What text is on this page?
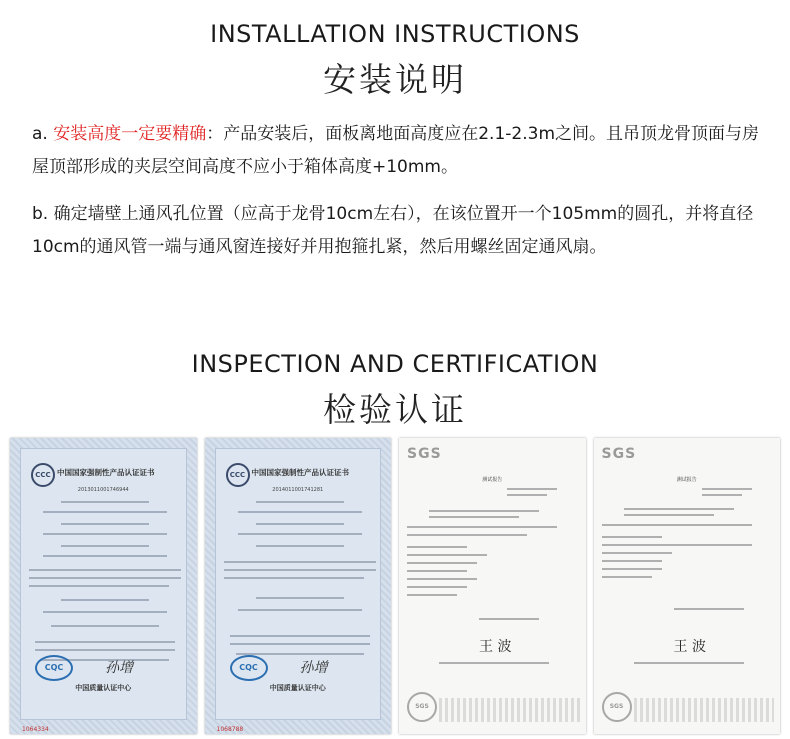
INSTALLATION INSTRUCTIONS
安装说明
a. 安装高度一定要精确：产品安装后，面板离地面高度应在2.1-2.3m之间。且吊顶龙骨顶面与房屋顶部形成的夹层空间高度不应小于箱体高度+10mm。
b. 确定墙壁上通风孔位置（应高于龙骨10cm左右），在该位置开一个105mm的圆孔，并将直径10cm的通风管一端与通风窗连接好并用抱箍扎紧，然后用螺丝固定通风扇。
INSPECTION AND CERTIFICATION
检验认证
CCC 中国国家强制性产品认证证书
2013011001746944
CQC	孙增
中国质量认证中心
1064334
CCC 中国国家强制性产品认证证书
2014011001741281
CQC	孙增
中国质量认证中心
1068788
SGS
测试报告
王 波
SGS
SGS
测试报告
王 波
SGS
